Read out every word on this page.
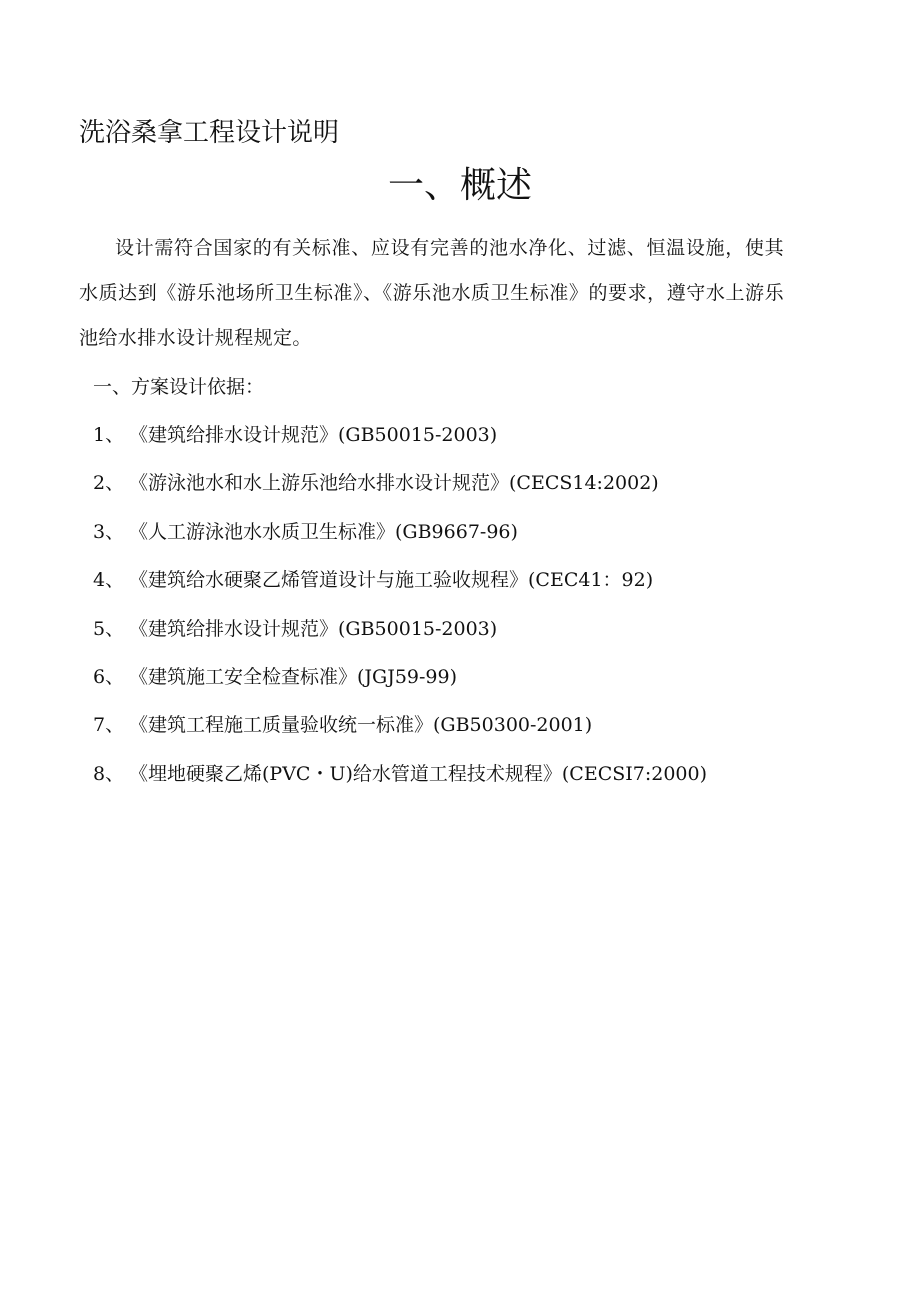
洗浴桑拿工程设计说明
一、概述

设计需符合国家的有关标准、应设有完善的池水净化、过滤、恒温设施，使其水质达到《游乐池场所卫生标准》、《游乐池水质卫生标准》的要求，遵守水上游乐池给水排水设计规程规定。

一、方案设计依据：
1、 《建筑给排水设计规范》(GB50015-2003)
2、 《游泳池水和水上游乐池给水排水设计规范》(CECS14:2002)
3、 《人工游泳池水水质卫生标准》(GB9667-96)
4、 《建筑给水硬聚乙烯管道设计与施工验收规程》(CEC41：92)
5、 《建筑给排水设计规范》(GB50015-2003)
6、 《建筑施工安全检查标准》(JGJ59-99)
7、 《建筑工程施工质量验收统一标准》(GB50300-2001)
8、 《埋地硬聚乙烯(PVC・U)给水管道工程技术规程》(CECSI7:2000)
